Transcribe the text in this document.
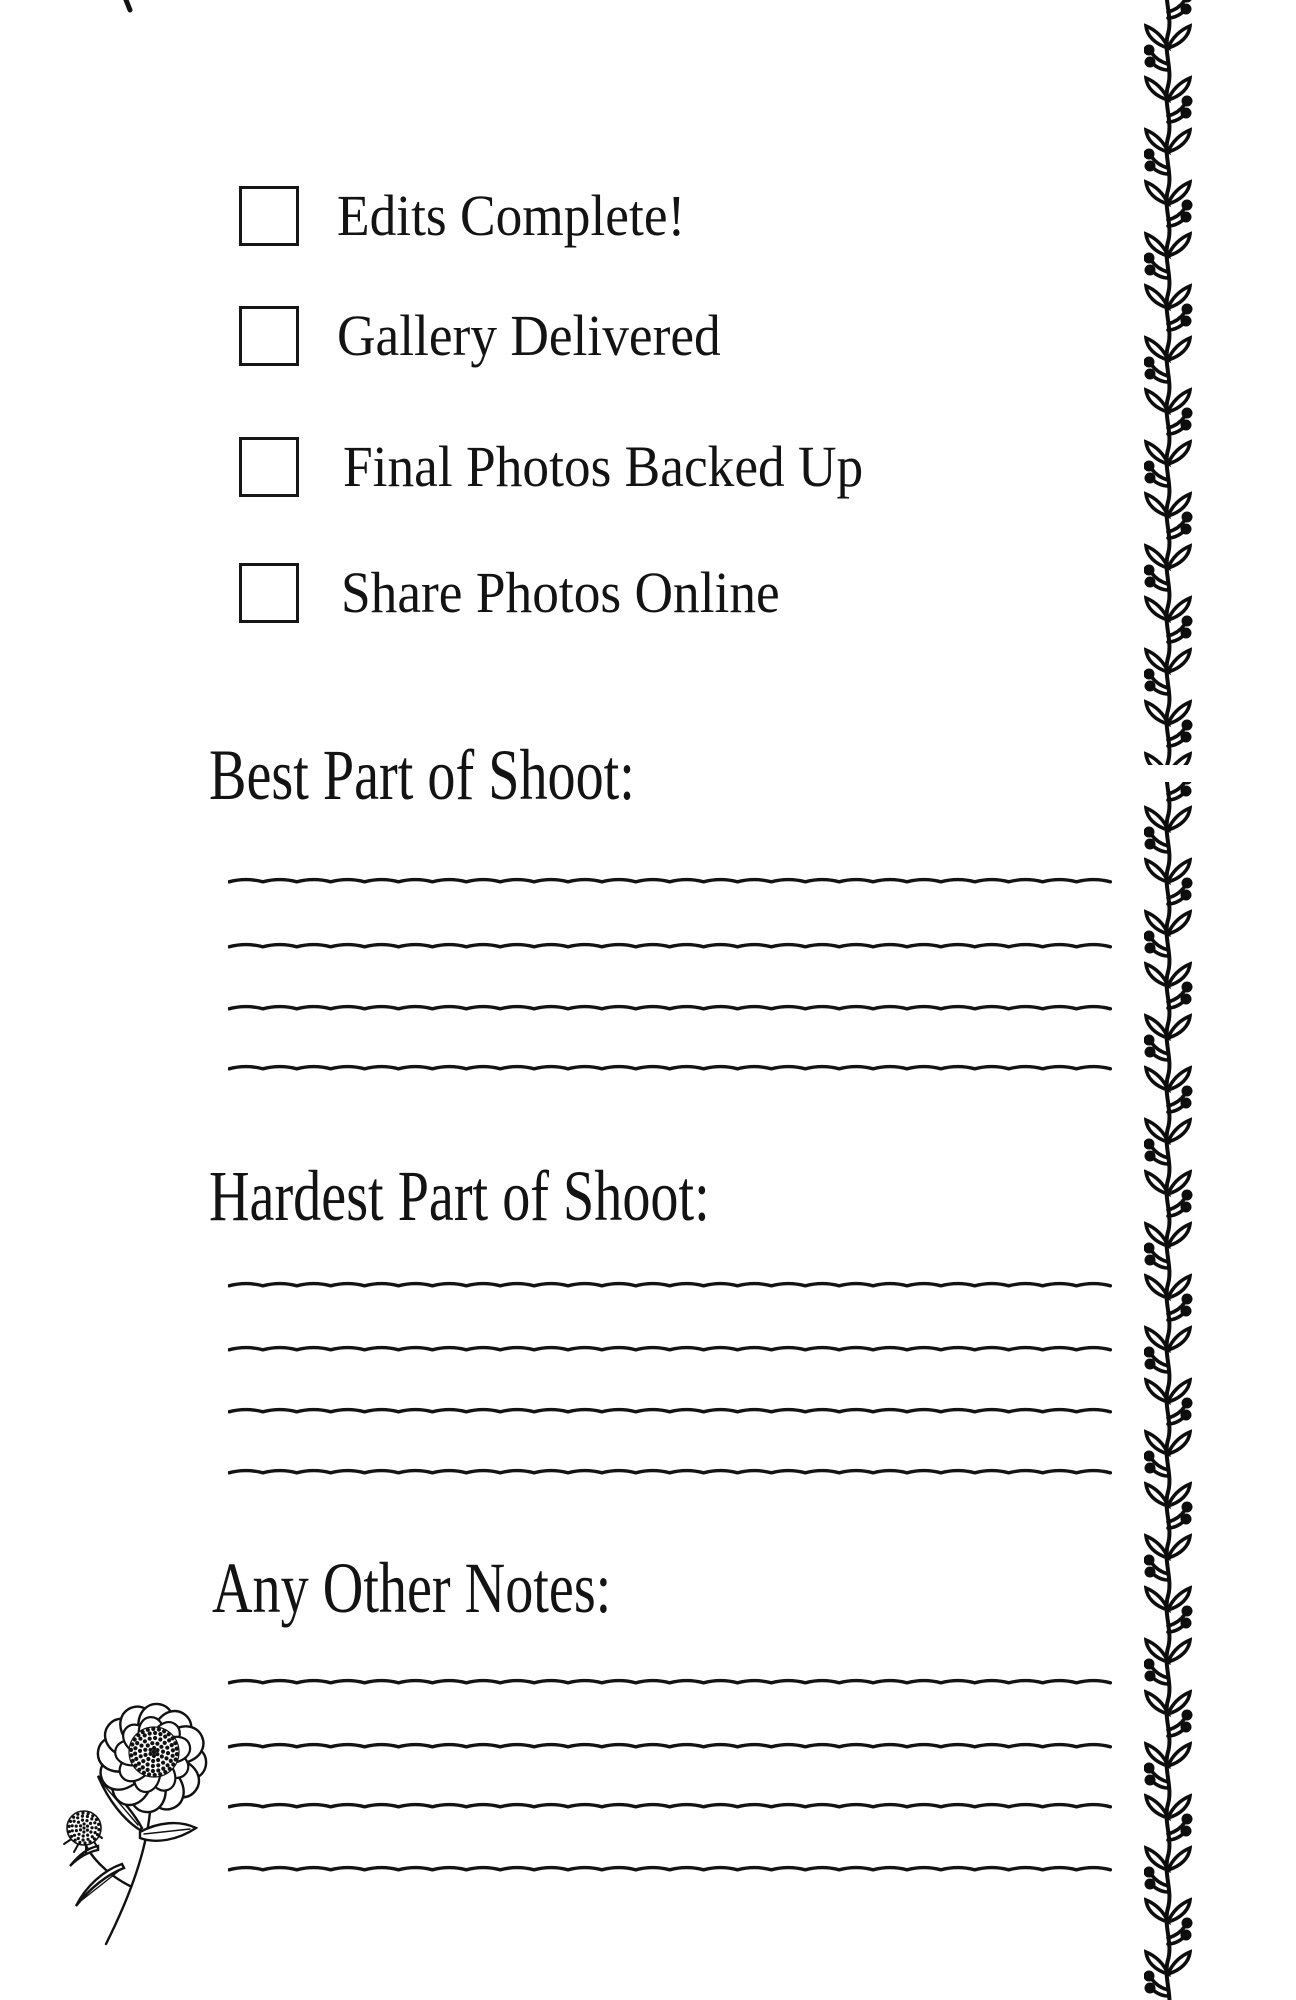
Edits Complete!
Gallery Delivered
Final Photos Backed Up
Share Photos Online
Best Part of Shoot:
Hardest Part of Shoot:
Any Other Notes:
